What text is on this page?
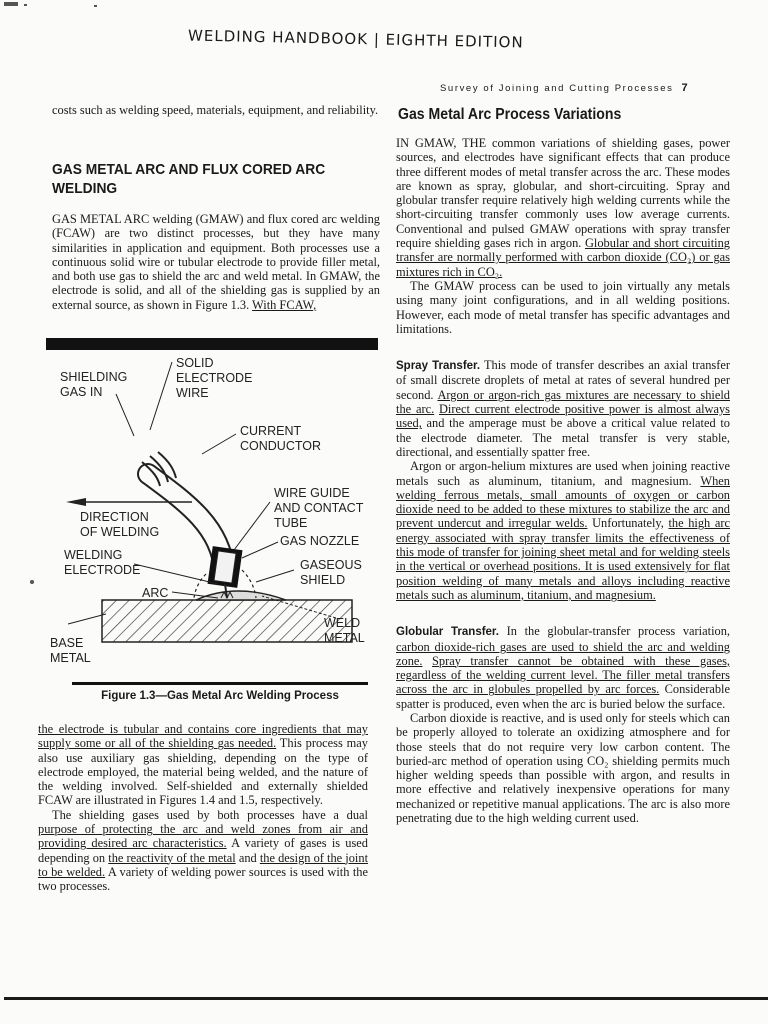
WELDING HANDBOOK | EIGHTH EDITION
Survey of Joining and Cutting Processes 7
costs such as welding speed, materials, equipment, and reliability.
GAS METAL ARC AND FLUX CORED ARC WELDING

GAS METAL ARC welding (GMAW) and flux cored arc welding (FCAW) are two distinct processes, but they have many similarities in application and equipment. Both processes use a continuous solid wire or tubular electrode to provide filler metal, and both use gas to shield the arc and weld metal. In GMAW, the electrode is solid, and all of the shielding gas is supplied by an external source, as shown in Figure 1.3. With FCAW,

SHIELDING
GAS IN
SOLID
ELECTRODE
WIRE
CURRENT
CONDUCTOR
WIRE GUIDE
AND CONTACT
TUBE
DIRECTION
OF WELDING
GAS NOZZLE
WELDING
ELECTRODE	GASEOUS
SHIELD
ARC
WELD
METAL
BASE
METAL
Figure 1.3—Gas Metal Arc Welding Process

the electrode is tubular and contains core ingredients that may supply some or all of the shielding gas needed. This process may also use auxiliary gas shielding, depending on the type of electrode employed, the material being welded, and the nature of the welding involved. Self-shielded and externally shielded FCAW are illustrated in Figures 1.4 and 1.5, respectively.

The shielding gases used by both processes have a dual purpose of protecting the arc and weld zones from air and providing desired arc characteristics. A variety of gases is used depending on the reactivity of the metal and the design of the joint to be welded. A variety of welding power sources is used with the two processes.

Gas Metal Arc Process Variations

IN GMAW, THE common variations of shielding gases, power sources, and electrodes have significant effects that can produce three different modes of metal transfer across the arc. These modes are known as spray, globular, and short-circuiting. Spray and globular transfer require relatively high welding currents while the short-circuiting transfer commonly uses low average currents. Conventional and pulsed GMAW operations with spray transfer require shielding gases rich in argon. Globular and short circuiting transfer are normally performed with carbon dioxide (CO₂) or gas mixtures rich in CO₂.

The GMAW process can be used to join virtually any metals using many joint configurations, and in all welding positions. However, each mode of metal transfer has specific advantages and limitations.

Spray Transfer. This mode of transfer describes an axial transfer of small discrete droplets of metal at rates of several hundred per second. Argon or argon-rich gas mixtures are necessary to shield the arc. Direct current electrode positive power is almost always used, and the amperage must be above a critical value related to the electrode diameter. The metal transfer is very stable, directional, and essentially spatter free.

Argon or argon-helium mixtures are used when joining reactive metals such as aluminum, titanium, and magnesium. When welding ferrous metals, small amounts of oxygen or carbon dioxide need to be added to these mixtures to stabilize the arc and prevent undercut and irregular welds. Unfortunately, the high arc energy associated with spray transfer limits the effectiveness of this mode of transfer for joining sheet metal and for welding steels in the vertical or overhead positions. It is used extensively for flat position welding of many metals and alloys including reactive metals such as aluminum, titanium, and magnesium.

Globular Transfer. In the globular-transfer process variation, carbon dioxide-rich gases are used to shield the arc and welding zone. Spray transfer cannot be obtained with these gases, regardless of the welding current level. The filler metal transfers across the arc in globules propelled by arc forces. Considerable spatter is produced, even when the arc is buried below the surface.

Carbon dioxide is reactive, and is used only for steels which can be properly alloyed to tolerate an oxidizing atmosphere and for those steels that do not require very low carbon content. The buried-arc method of operation using CO₂ shielding permits much higher welding speeds than possible with argon, and results in more effective and relatively inexpensive operations for many mechanized or repetitive manual applications. The arc is also more penetrating due to the high welding current used.
